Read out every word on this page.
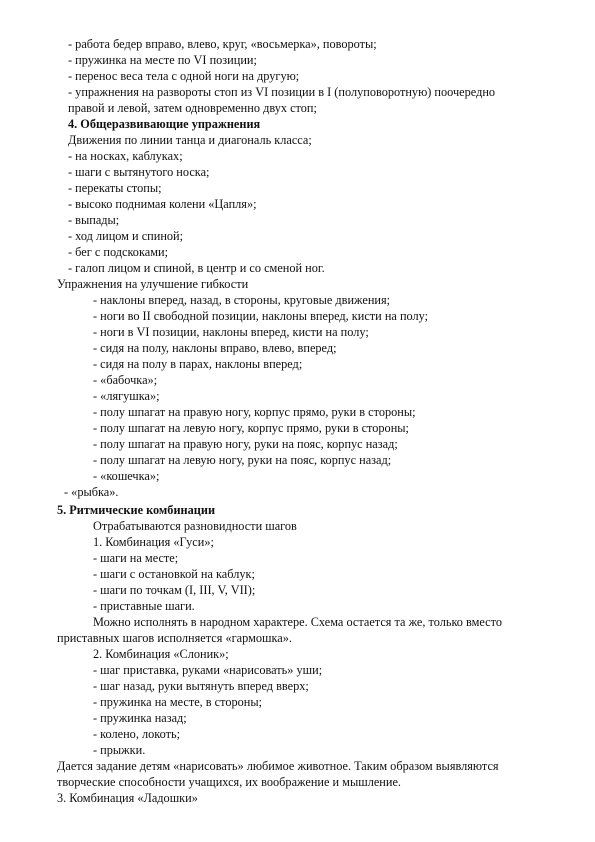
- работа бедер вправо, влево, круг, «восьмерка», повороты;
- пружинка на месте по VI позиции;
- перенос веса тела с одной ноги на другую;
- упражнения на развороты стоп из VI позиции в I (полуповоротную) поочередно
правой и левой, затем одновременно двух стоп;
4. Общеразвивающие упражнения
Движения по линии танца и диагональ класса;
- на носках, каблуках;
- шаги с вытянутого носка;
- перекаты стопы;
- высоко поднимая колени «Цапля»;
- выпады;
- ход лицом и спиной;
- бег с подскоками;
- галоп лицом и спиной, в центр и со сменой ног.
Упражнения на улучшение гибкости
- наклоны вперед, назад, в стороны, круговые движения;
- ноги во II свободной позиции, наклоны вперед, кисти на полу;
- ноги в VI позиции, наклоны вперед, кисти на полу;
- сидя на полу, наклоны вправо, влево, вперед;
- сидя на полу в парах, наклоны вперед;
- «бабочка»;
- «лягушка»;
- полу шпагат на правую ногу, корпус прямо, руки в стороны;
- полу шпагат на левую ногу, корпус прямо, руки в стороны;
- полу шпагат на правую ногу, руки на пояс, корпус назад;
- полу шпагат на левую ногу, руки на пояс, корпус назад;
- «кошечка»;
- «рыбка».
5. Ритмические комбинации
Отрабатываются разновидности шагов
1. Комбинация «Гуси»;
- шаги на месте;
- шаги с остановкой на каблук;
- шаги по точкам (I, III, V, VII);
- приставные шаги.
Можно исполнять в народном характере. Схема остается та же, только вместо
приставных шагов исполняется «гармошка».
2. Комбинация «Слоник»;
- шаг приставка, руками «нарисовать» уши;
- шаг назад, руки вытянуть вперед вверх;
- пружинка на месте, в стороны;
- пружинка назад;
- колено, локоть;
- прыжки.
Дается задание детям «нарисовать» любимое животное. Таким образом выявляются
творческие способности учащихся, их воображение и мышление.
3. Комбинация «Ладошки»
